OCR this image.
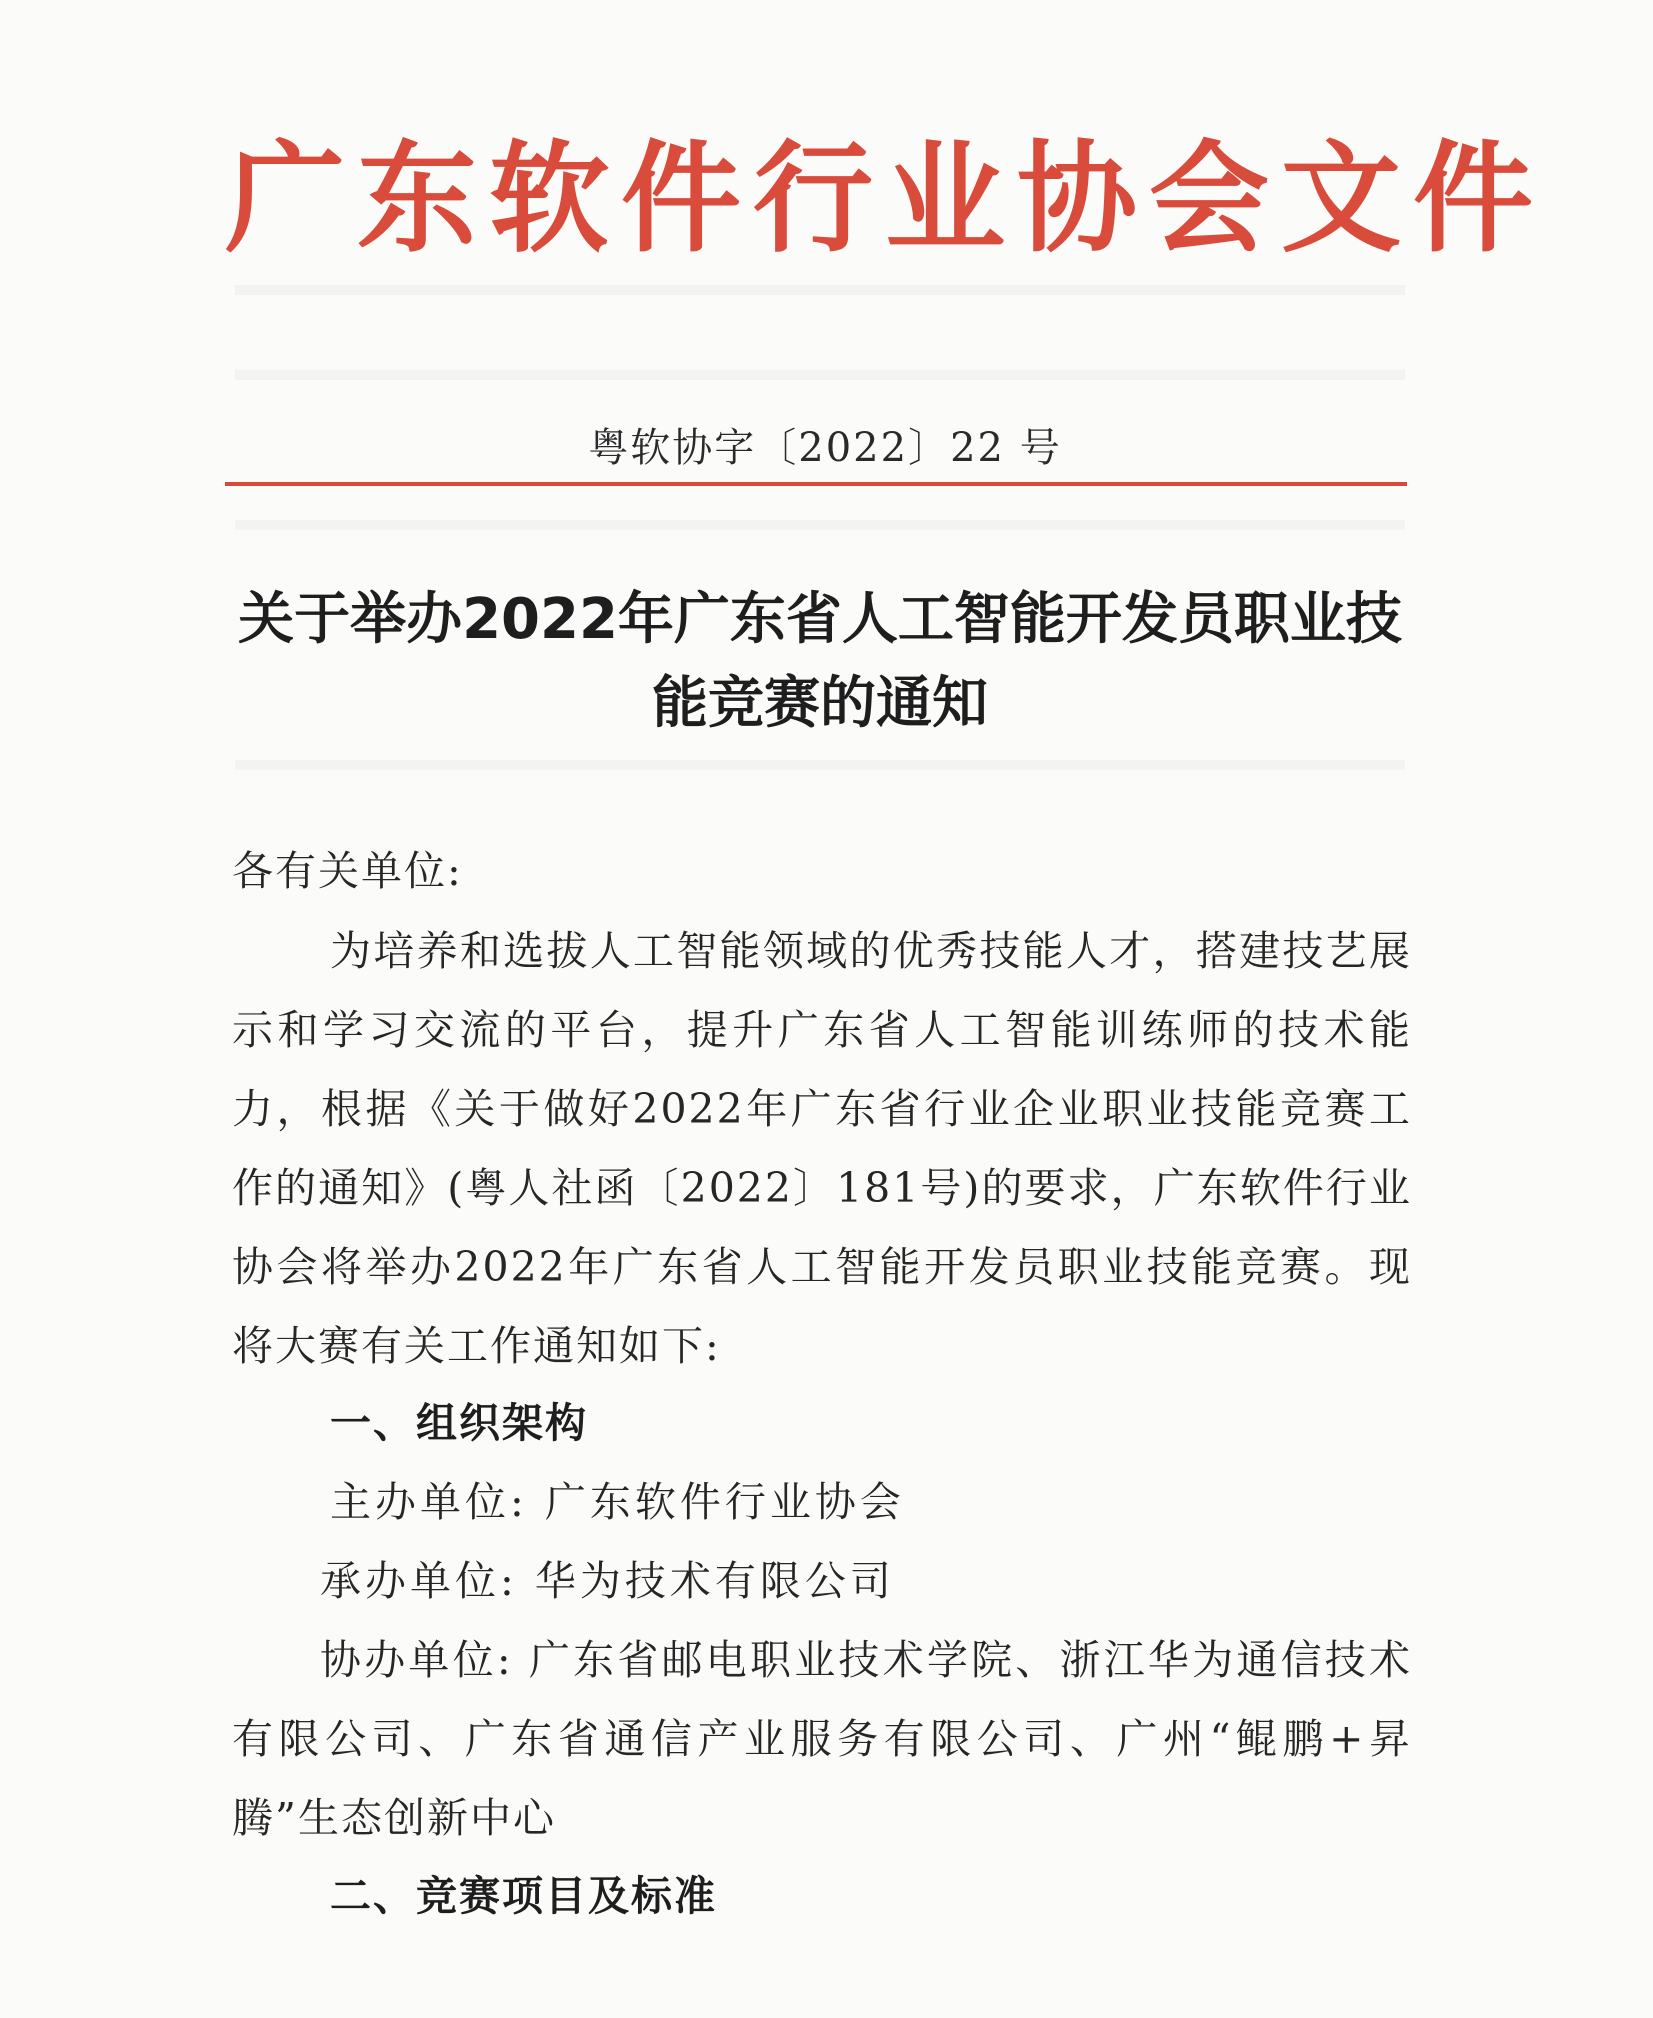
广东软件行业协会文件
粤软协字〔2022〕22 号
关于举办2022年广东省人工智能开发员职业技能竞赛的通知
各有关单位:
为培养和选拔人工智能领域的优秀技能人才，搭建技艺展示和学习交流的平台，提升广东省人工智能训练师的技术能力，根据《关于做好2022年广东省行业企业职业技能竞赛工作的通知》(粤人社函〔2022〕181号)的要求，广东软件行业协会将举办2022年广东省人工智能开发员职业技能竞赛。现将大赛有关工作通知如下:
一、组织架构
主办单位: 广东软件行业协会
承办单位: 华为技术有限公司
协办单位: 广东省邮电职业技术学院、浙江华为通信技术有限公司、广东省通信产业服务有限公司、广州“鲲鹏+昇腾”生态创新中心
二、竞赛项目及标准
